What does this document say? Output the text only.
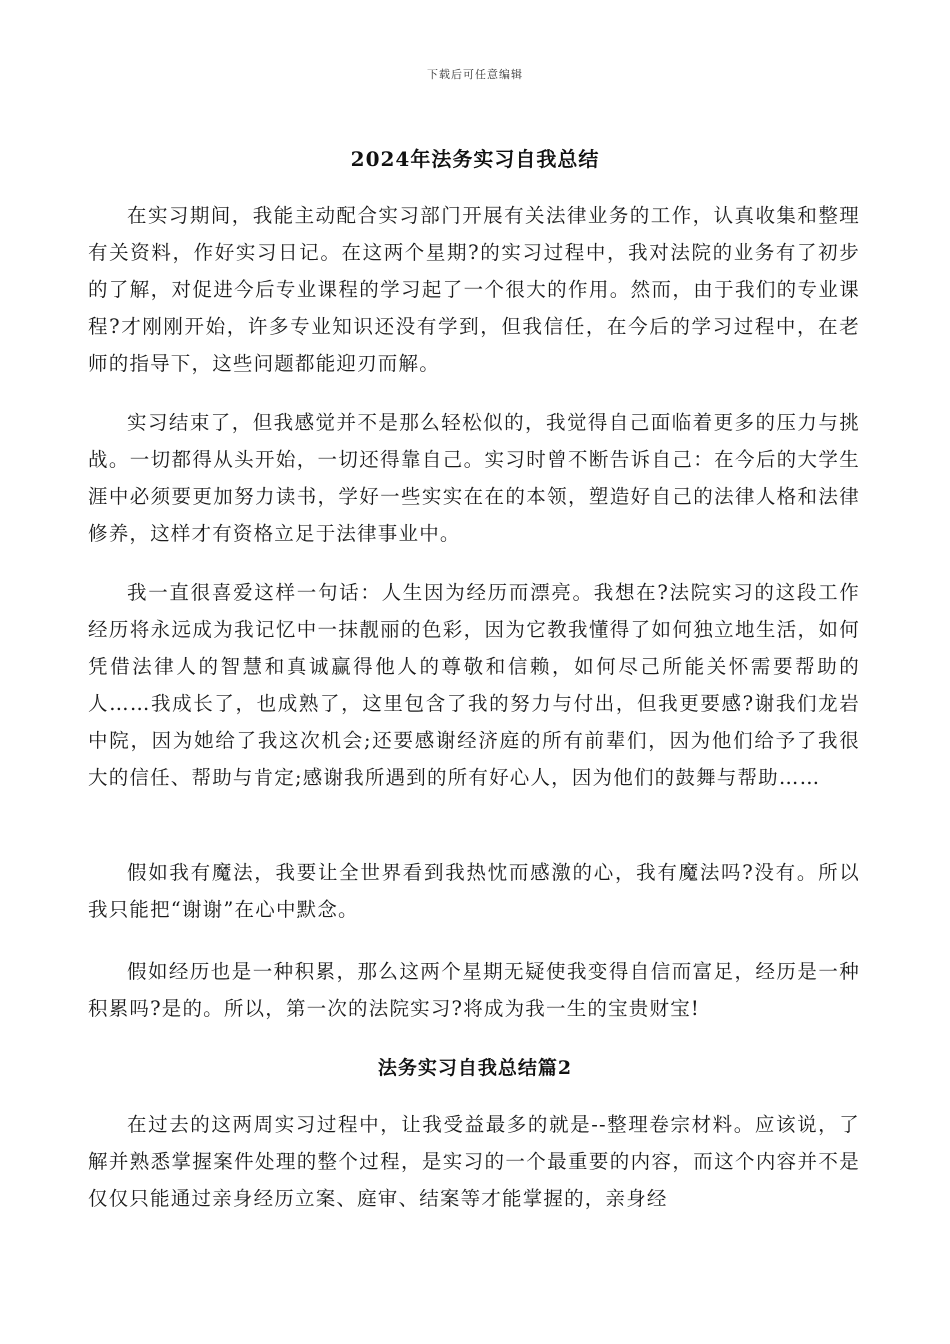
下载后可任意编辑
2024年法务实习自我总结

在实习期间，我能主动配合实习部门开展有关法律业务的工作，认真收集和整理有关资料，作好实习日记。在这两个星期?的实习过程中，我对法院的业务有了初步的了解，对促进今后专业课程的学习起了一个很大的作用。然而，由于我们的专业课程?才刚刚开始，许多专业知识还没有学到，但我信任，在今后的学习过程中，在老师的指导下，这些问题都能迎刃而解。

实习结束了，但我感觉并不是那么轻松似的，我觉得自己面临着更多的压力与挑战。一切都得从头开始，一切还得靠自己。实习时曾不断告诉自己：在今后的大学生涯中必须要更加努力读书，学好一些实实在在的本领，塑造好自己的法律人格和法律修养，这样才有资格立足于法律事业中。

我一直很喜爱这样一句话：人生因为经历而漂亮。我想在?法院实习的这段工作经历将永远成为我记忆中一抹靓丽的色彩，因为它教我懂得了如何独立地生活，如何凭借法律人的智慧和真诚赢得他人的尊敬和信赖，如何尽己所能关怀需要帮助的人……我成长了，也成熟了，这里包含了我的努力与付出，但我更要感?谢我们龙岩中院，因为她给了我这次机会;还要感谢经济庭的所有前辈们，因为他们给予了我很大的信任、帮助与肯定;感谢我所遇到的所有好心人，因为他们的鼓舞与帮助……

假如我有魔法，我要让全世界看到我热忱而感激的心，我有魔法吗?没有。所以我只能把“谢谢”在心中默念。

假如经历也是一种积累，那么这两个星期无疑使我变得自信而富足，经历是一种积累吗?是的。所以，第一次的法院实习?将成为我一生的宝贵财宝!

法务实习自我总结篇2

在过去的这两周实习过程中，让我受益最多的就是--整理卷宗材料。应该说，了解并熟悉掌握案件处理的整个过程，是实习的一个最重要的内容，而这个内容并不是仅仅只能通过亲身经历立案、庭审、结案等才能掌握的，亲身经
